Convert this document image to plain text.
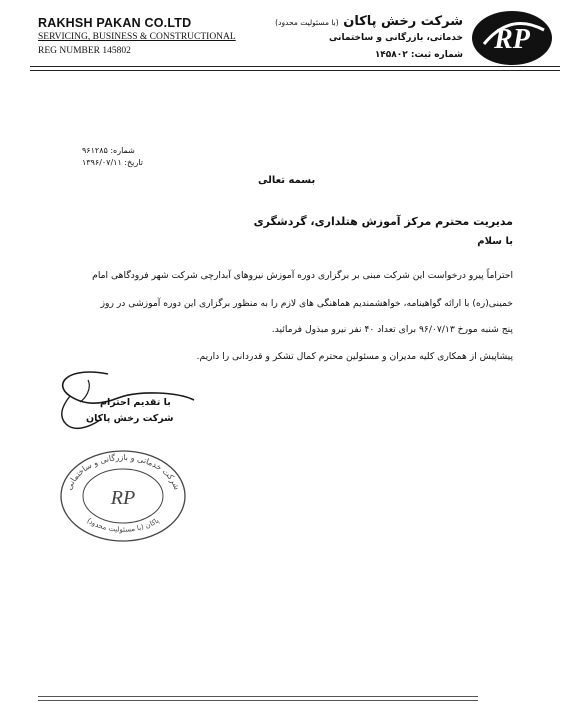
RAKHSH PAKAN CO.LTD
SERVICING, BUSINESS & CONSTRUCTIONAL
REG NUMBER 145802
شرکت رخش پاکان (با مسئولیت محدود)
خدماتی، بازرگانی و ساختمانی
شماره ثبت: ۱۴۵۸۰۲ RP
شماره: ۹۶۱۲۸۵
تاریخ: ۱۳۹۶/۰۷/۱۱
بسمه تعالی
مدیریت محترم مرکز آموزش هتلداری، گردشگری
با سلام
احتراماً پیرو درخواست این شرکت مبنی بر برگزاری دوره آموزش نیروهای آبدارچی شرکت شهر فرودگاهی امام
خمینی(ره) با ارائه گواهینامه، خواهشمندیم هماهنگی های لازم را به منظور برگزاری این دوره آموزشی در روز
پنج شنبه مورخ ۹۶/۰۷/۱۳ برای تعداد ۴۰ نفر نیرو مبذول فرمائید.
پیشاپیش از همکاری کلیه مدیران و مسئولین محترم کمال تشکر و قدردانی را داریم.
با تقدیم احترام
شرکت رخش پاکان
شرکت خدماتی و بازرگانی و ساختمانی
پاکان (با مسئولیت محدود)
RP
